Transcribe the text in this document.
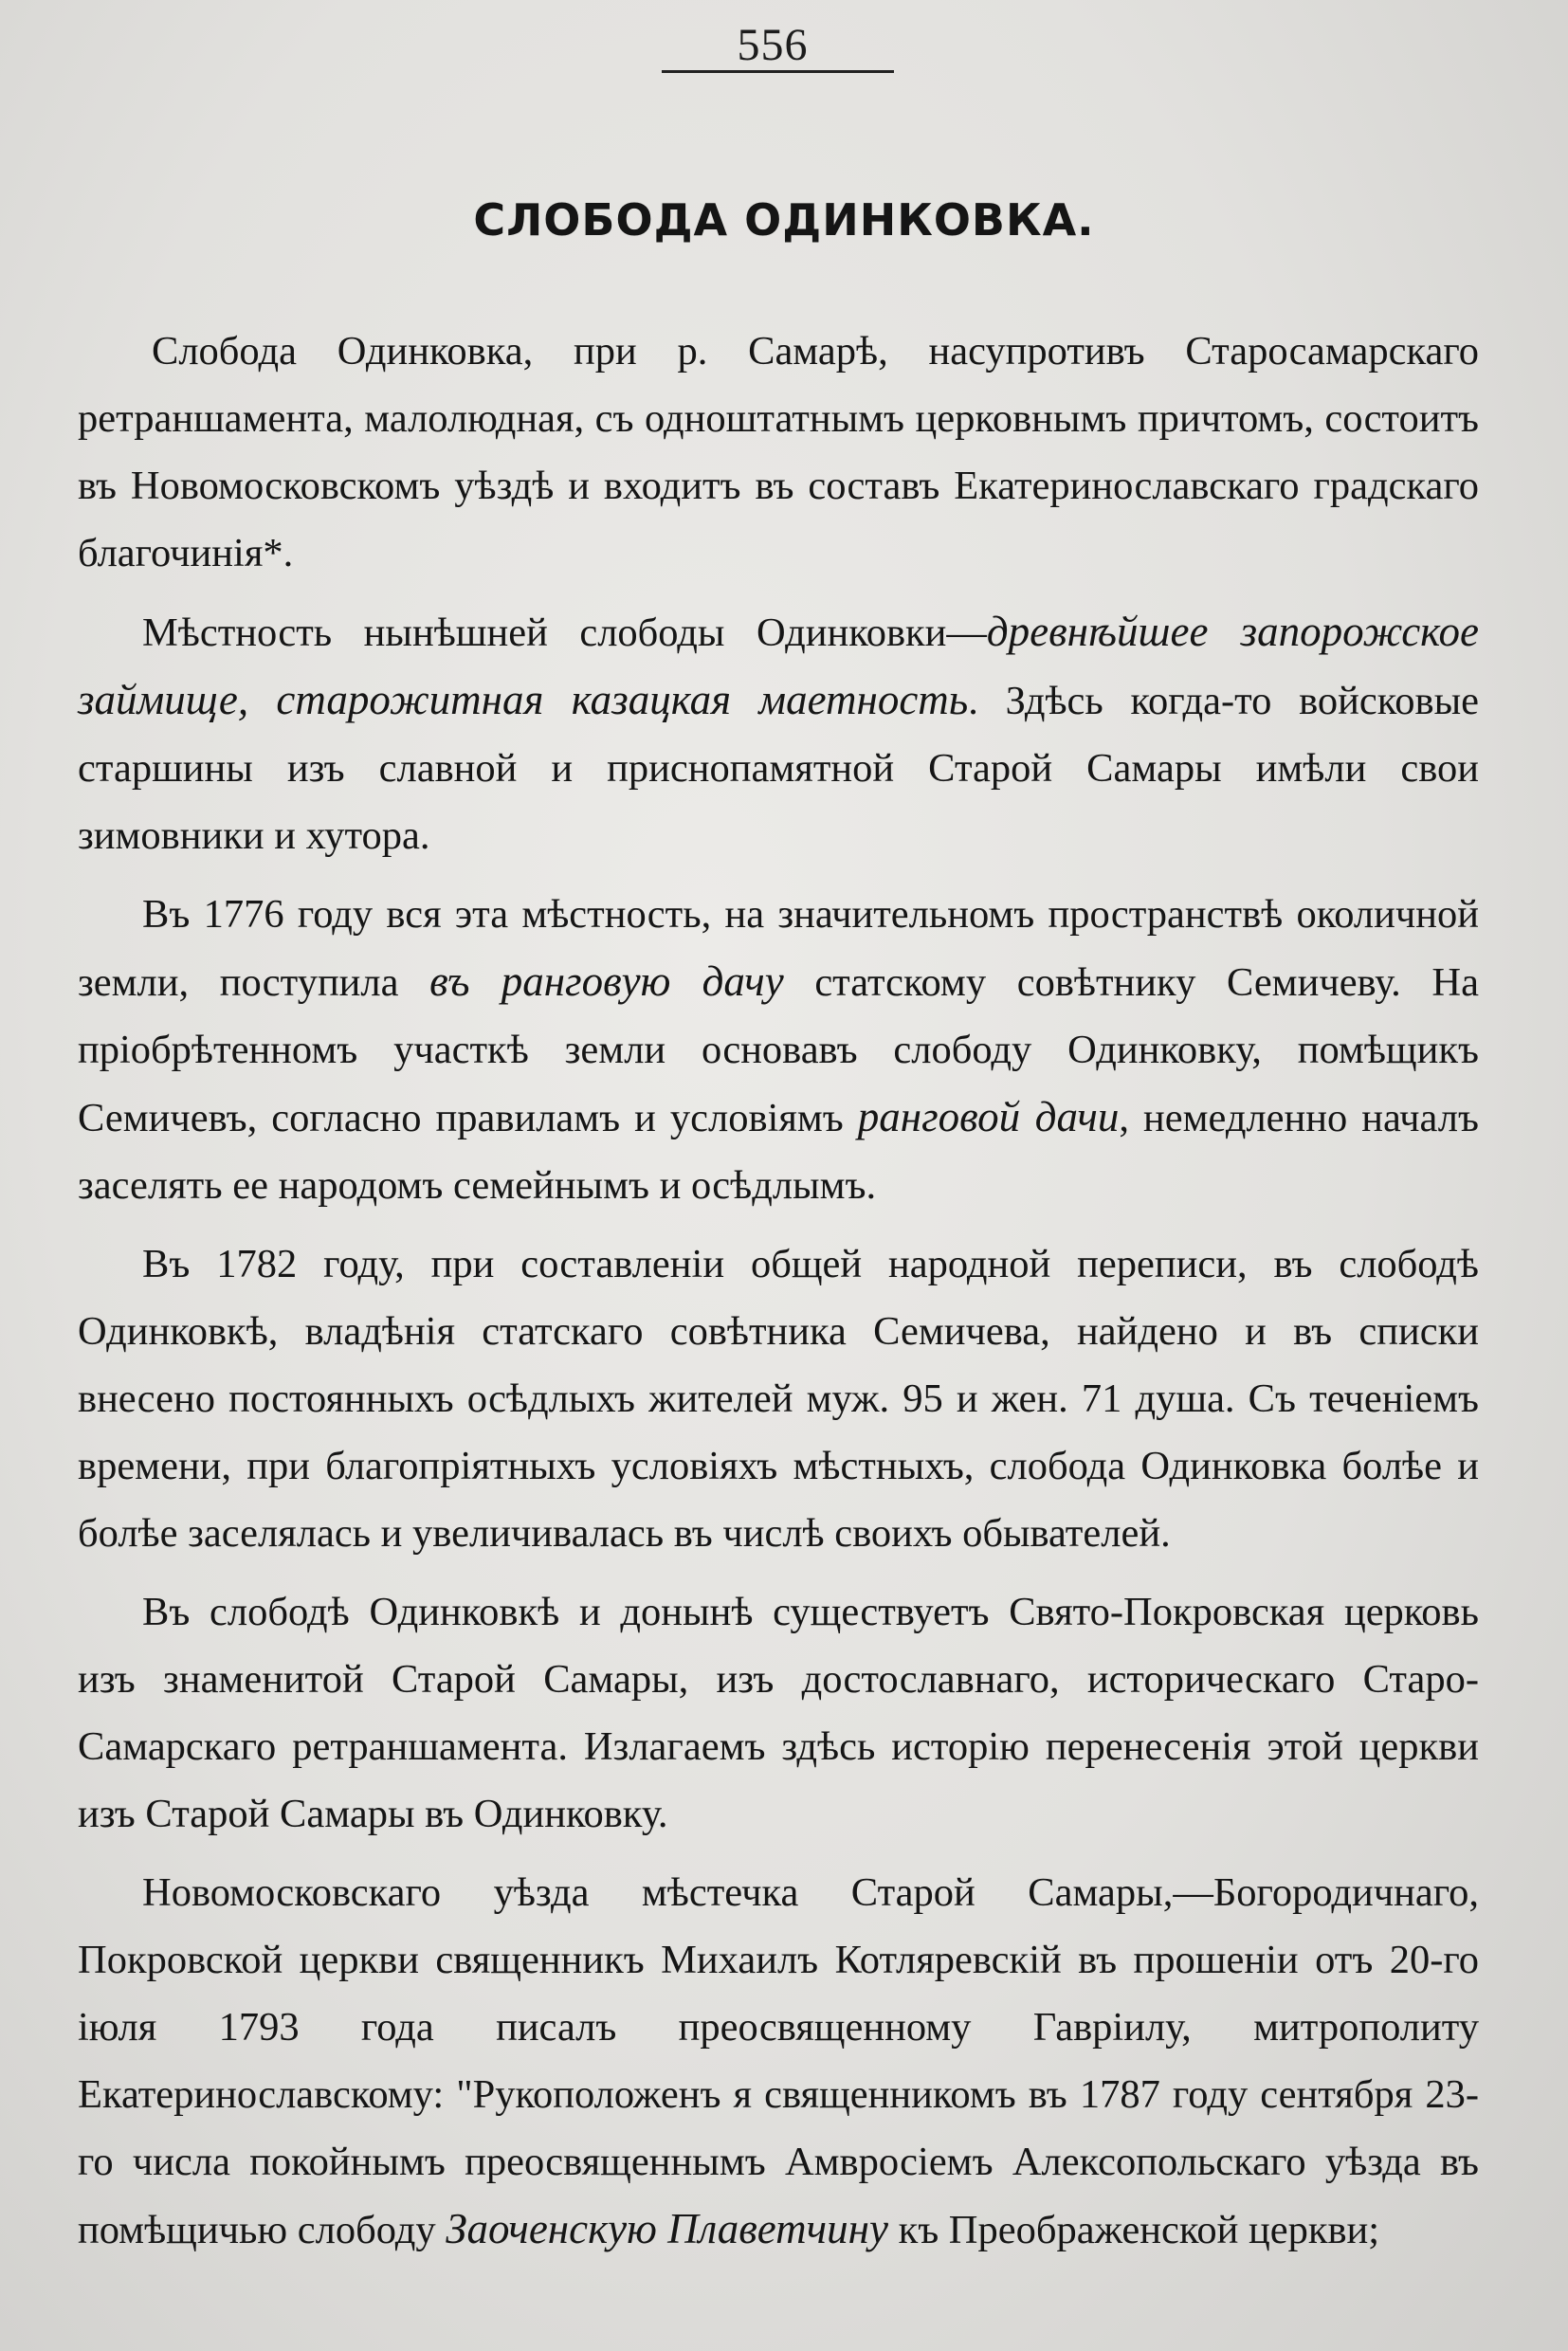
556
СЛОБОДА ОДИНКОВКА.

Слобода Одинковка, при р. Самарѣ, насупротивъ Старосамарскаго ретраншамента, малолюдная, съ одноштатнымъ церковнымъ причтомъ, состоитъ въ Новомосковскомъ уѣздѣ и входитъ въ составъ Екатеринославскаго градскаго благочинія*.

Мѣстность нынѣшней слободы Одинковки—древнѣйшее запорожское займище, старожитная казацкая маетность. Здѣсь когда-то войсковые старшины изъ славной и приснопамятной Старой Самары имѣли свои зимовники и хутора.

Въ 1776 году вся эта мѣстность, на значительномъ пространствѣ околичной земли, поступила въ ранговую дачу статскому совѣтнику Семичеву. На пріобрѣтенномъ участкѣ земли основавъ слободу Одинковку, помѣщикъ Семичевъ, согласно правиламъ и условіямъ ранговой дачи, немедленно началъ заселять ее народомъ семейнымъ и осѣдлымъ.

Въ 1782 году, при составленіи общей народной переписи, въ слободѣ Одинковкѣ, владѣнія статскаго совѣтника Семичева, найдено и въ списки внесено постоянныхъ осѣдлыхъ жителей муж. 95 и жен. 71 душа. Съ теченіемъ времени, при благопріятныхъ условіяхъ мѣстныхъ, слобода Одинковка болѣе и болѣе заселялась и увеличивалась въ числѣ своихъ обывателей.

Въ слободѣ Одинковкѣ и донынѣ существуетъ Свято-Покровская церковь изъ знаменитой Старой Самары, изъ достославнаго, историческаго Старо-Самарскаго ретраншамента. Излагаемъ здѣсь исторію перенесенія этой церкви изъ Старой Самары въ Одинковку.

Новомосковскаго уѣзда мѣстечка Старой Самары,—Богородичнаго, Покровской церкви священникъ Михаилъ Котляревскій въ прошеніи отъ 20-го іюля 1793 года писалъ преосвященному Гавріилу, митрополиту Екатеринославскому: "Рукоположенъ я священникомъ въ 1787 году сентября 23-го числа покойнымъ преосвященнымъ Амвросіемъ Алексопольскаго уѣзда въ помѣщичью слободу Заоченскую Плаветчину къ Преображенской церкви;
